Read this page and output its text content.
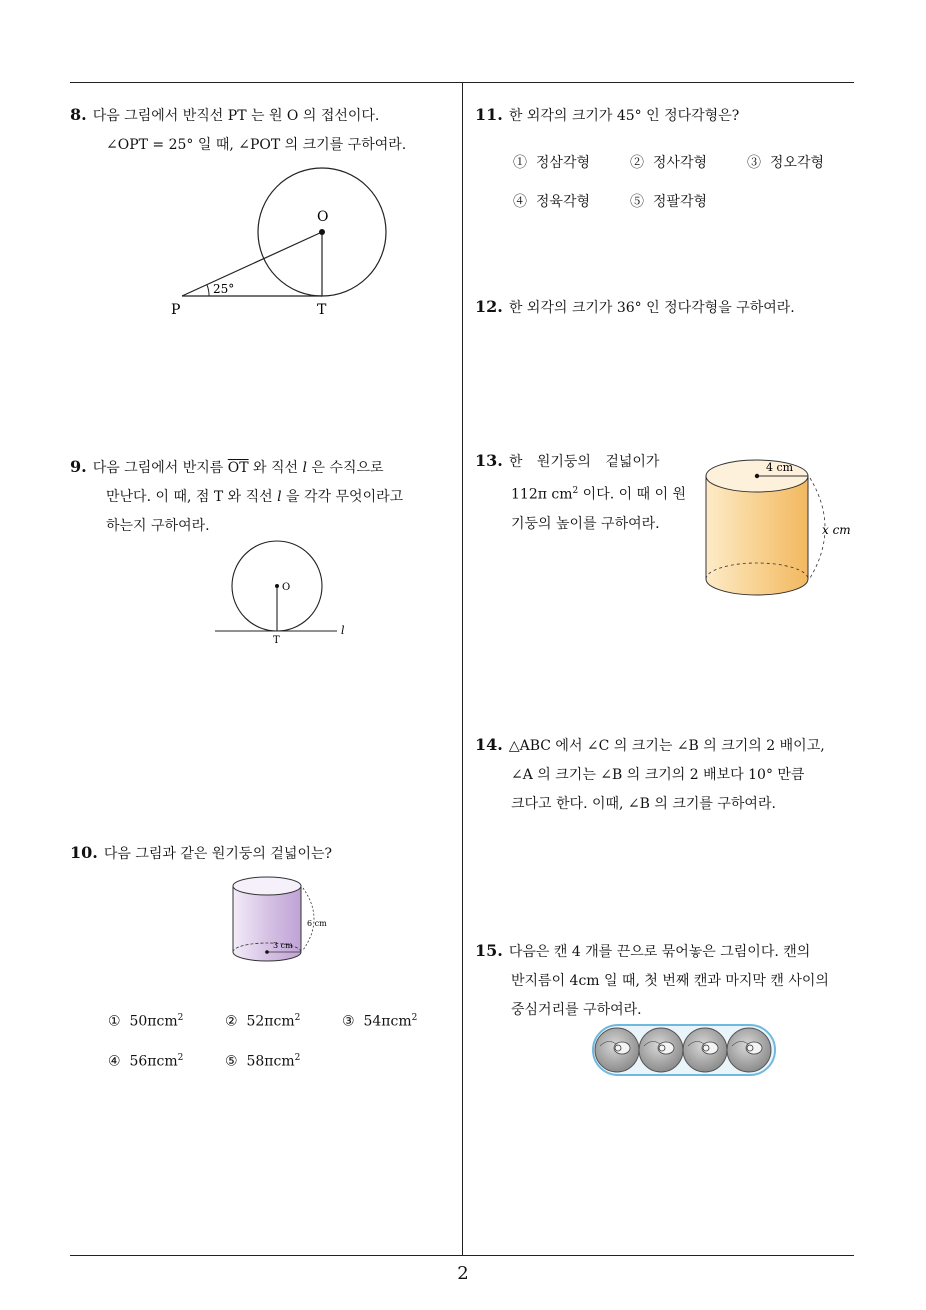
8. 다음 그림에서 반직선 PT 는 원 O 의 접선이다.
∠OPT = 25° 일 때, ∠POT 의 크기를 구하여라.
O
P	T
25°
9. 다음 그림에서 반지름 $\overline{OT}$ 와 직선 l 은 수직으로
만난다. 이 때, 점 T 와 직선 l 을 각각 무엇이라고
하는지 구하여라.
O
T
l
10. 다음 그림과 같은 원기둥의 겉넓이는?
6 cm
3 cm
① 50πcm$^2$	② 52πcm$^2$	③ 54πcm$^2$
④ 56πcm$^2$	⑤ 58πcm$^2$
11. 한 외각의 크기가 45° 인 정다각형은?
① 정삼각형	② 정사각형	③ 정오각형
④ 정육각형	⑤ 정팔각형
12. 한 외각의 크기가 36° 인 정다각형을 구하여라.
13. 한 원기둥의 겉넓이가
112π $cm^2$ 이다. 이 때 이 원
기둥의 높이를 구하여라.
4 cm
x cm
14. △ABC 에서 ∠C 의 크기는 ∠B 의 크기의 2 배이고,
∠A 의 크기는 ∠B 의 크기의 2 배보다 10° 만큼
크다고 한다. 이때, ∠B 의 크기를 구하여라.
15. 다음은 캔 4 개를 끈으로 묶어놓은 그림이다. 캔의
반지름이 4cm 일 때, 첫 번째 캔과 마지막 캔 사이의
중심거리를 구하여라.
2
